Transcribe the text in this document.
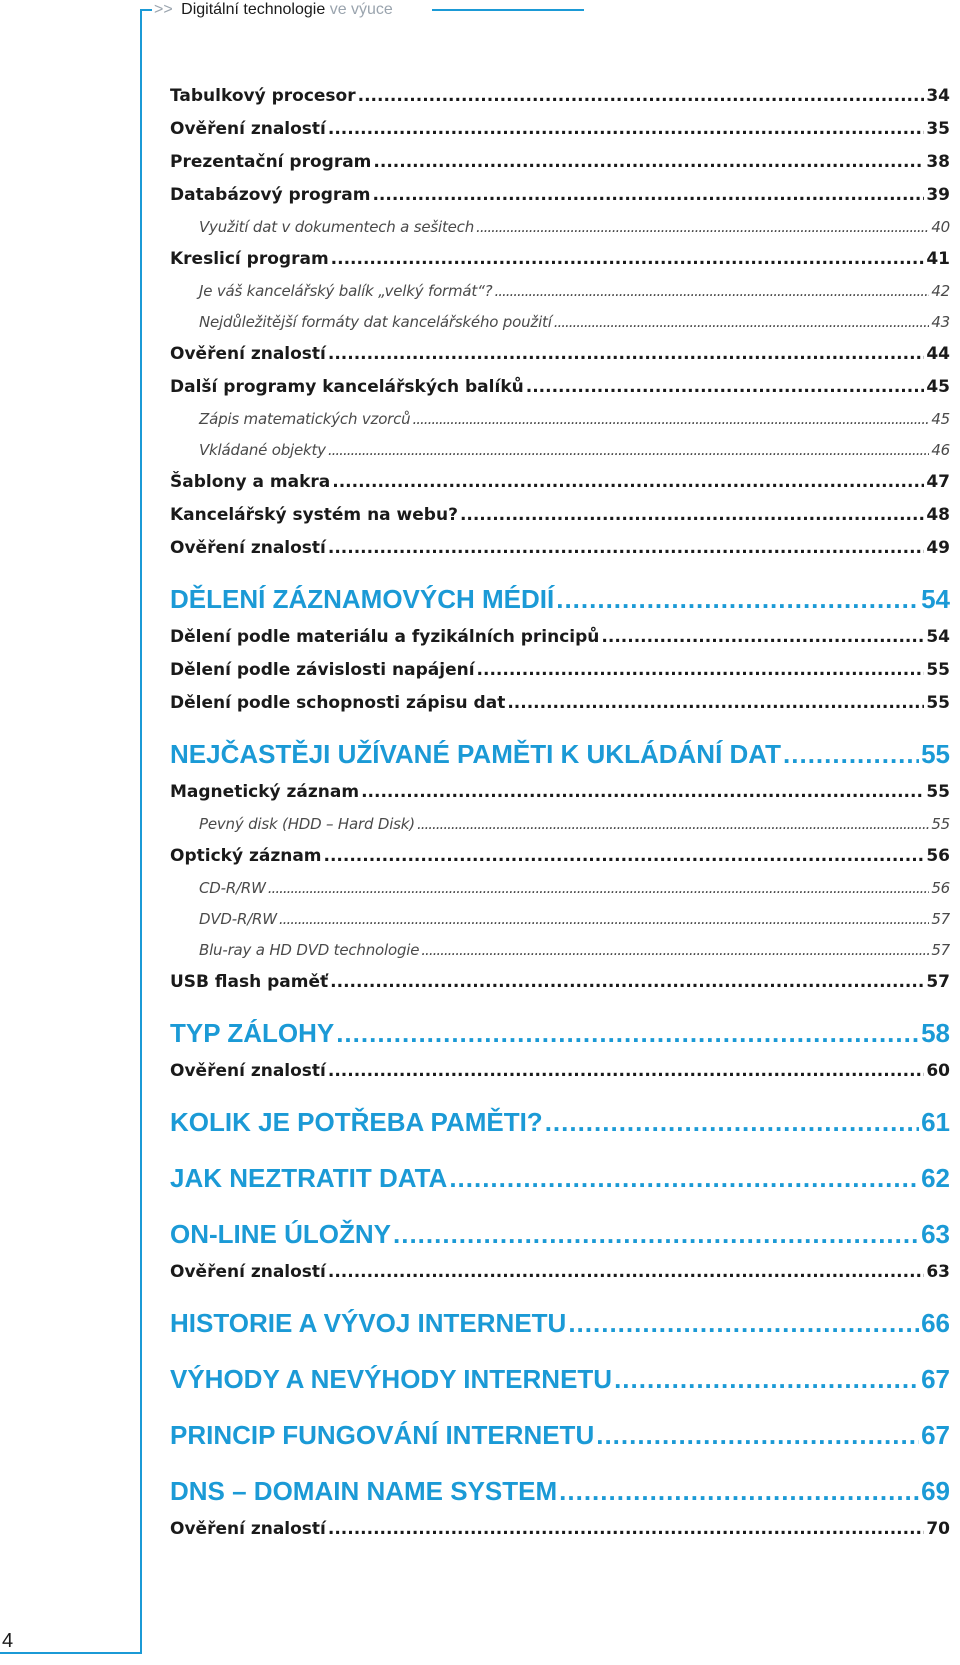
>> Digitální technologie ve výuce
Tabulkový procesor .....	34
Ověření znalostí .....	35
Prezentační program .....	38
Databázový program .....	39
Využití dat v dokumentech a sešitech .....	40
Kreslicí program .....	41
Je váš kancelářský balík „velký formát“? .....	42
Nejdůležitější formáty dat kancelářského použití .....	43
Ověření znalostí .....	44
Další programy kancelářských balíků .....	45
Zápis matematických vzorců .....	45
Vkládané objekty .....	46
Šablony a makra .....	47
Kancelářský systém na webu? .....	48
Ověření znalostí .....	49
DĚLENÍ ZÁZNAMOVÝCH MÉDIÍ .....	54
Dělení podle materiálu a fyzikálních principů .....	54
Dělení podle závislosti napájení .....	55
Dělení podle schopnosti zápisu dat .....	55
NEJČASTĚJI UŽÍVANÉ PAMĚTI K UKLÁDÁNÍ DAT .....	55
Magnetický záznam .....	55
Pevný disk (HDD – Hard Disk) .....	55
Optický záznam .....	56
CD-R/RW .....	56
DVD-R/RW .....	57
Blu-ray a HD DVD technologie .....	57
USB flash paměť .....	57
TYP ZÁLOHY .....	58
Ověření znalostí .....	60
KOLIK JE POTŘEBA PAMĚTI? .....	61
JAK NEZTRATIT DATA .....	62
ON-LINE ÚLOŽNY .....	63
Ověření znalostí .....	63
HISTORIE A VÝVOJ INTERNETU .....	66
VÝHODY A NEVÝHODY INTERNETU .....	67
PRINCIP FUNGOVÁNÍ INTERNETU .....	67
DNS – DOMAIN NAME SYSTEM .....	69
Ověření znalostí .....	70
4
